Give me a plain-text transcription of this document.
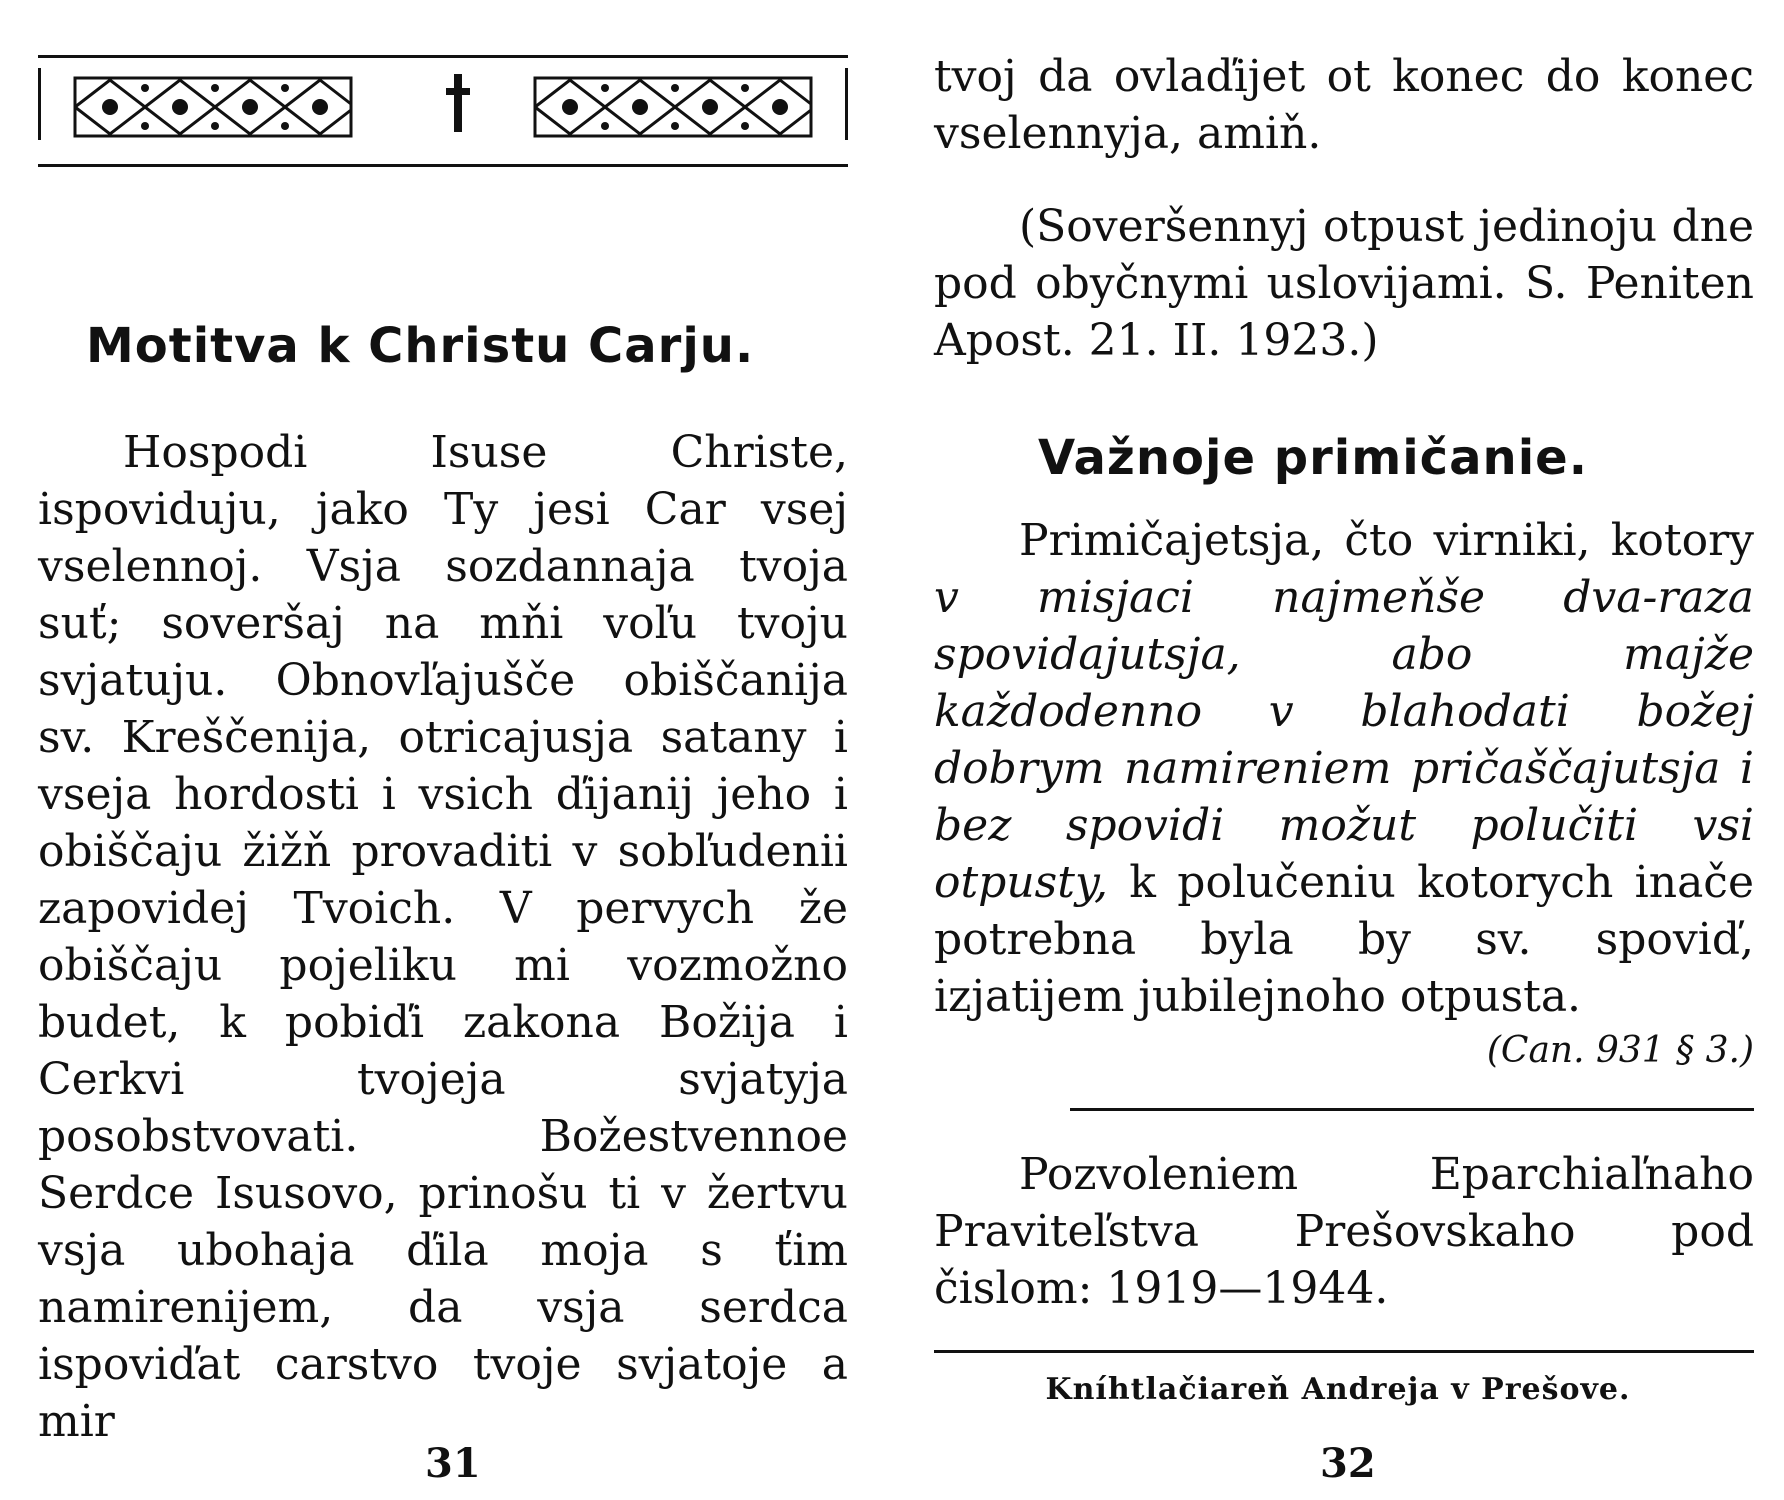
Motitva k Christu Carju.

Hospodi Isuse Christe, ispoviduju, jako Ty jesi Car vsej vselennoj. Vsja sozdannaja tvoja suť; soveršaj na mňi voľu tvoju svjatuju. Obnovľajušče obiščanija sv. Kreščenija, otricajusja satany i vseja hordosti i vsich ďijanij jeho i obiščaju žižň provaditi v sobľudenii zapovidej Tvoich. V pervych že obiščaju pojeliku mi vozmožno budet, k pobiďi zakona Božija i Cerkvi tvojeja svjatyja posobstvovati. Božestvennoe Serdce Isusovo, prinošu ti v žertvu vsja ubohaja ďila moja s ťim namirenijem, da vsja serdca ispoviďat carstvo tvoje svjatoje a mir

31

tvoj da ovlaďijet ot konec do konec vselennyja, amiň.

(Soveršennyj otpust jedinoju dne pod obyčnymi uslovijami. S. Peniten Apost. 21. II. 1923.)

Važnoje primičanie.

Primičajetsja, čto virniki, kotory v misjaci najmeňše dva-raza spovidajutsja, abo majže každodenno v blahodati božej dobrym namireniem pričaščajutsja i bez spovidi možut polučiti vsi otpusty, k polučeniu kotorych inače potrebna byla by sv. spoviď, izjatijem jubilejnoho otpusta.

(Can. 931 § 3.)

Pozvoleniem Eparchiaľnaho Praviteľstva Prešovskaho pod čislom: 1919—1944.

Kníhtlačiareň Andreja v Prešove.
32
